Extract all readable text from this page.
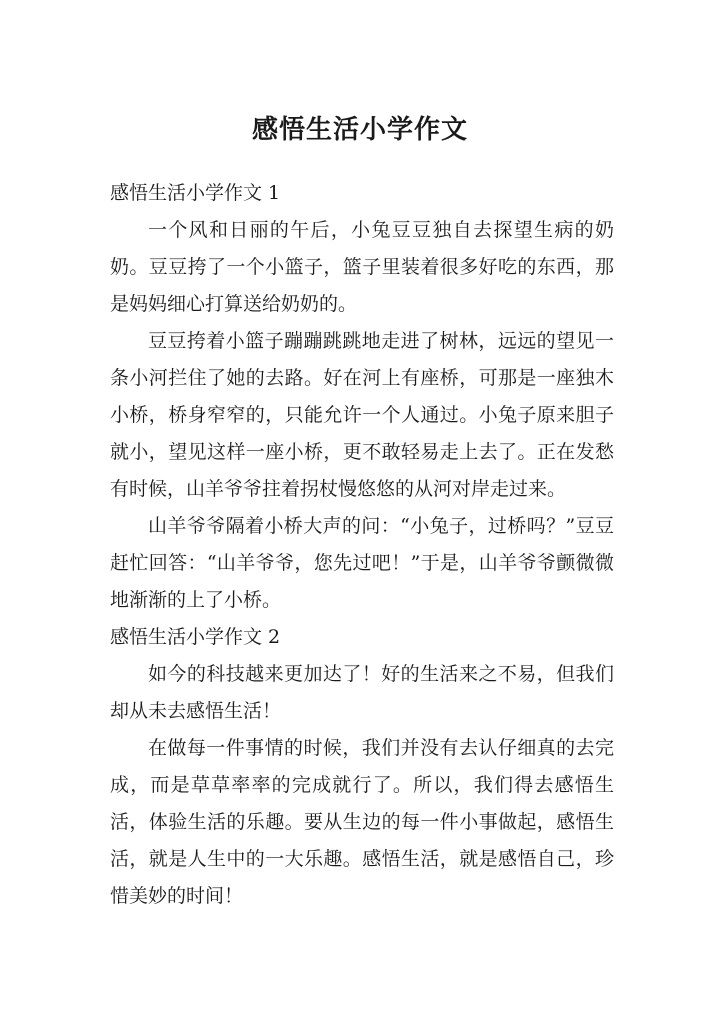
感悟生活小学作文
感悟生活小学作文 1

一个风和日丽的午后，小兔豆豆独自去探望生病的奶奶。豆豆挎了一个小篮子，篮子里装着很多好吃的东西，那是妈妈细心打算送给奶奶的。

豆豆挎着小篮子蹦蹦跳跳地走进了树林，远远的望见一条小河拦住了她的去路。好在河上有座桥，可那是一座独木小桥，桥身窄窄的，只能允许一个人通过。小兔子原来胆子就小，望见这样一座小桥，更不敢轻易走上去了。正在发愁有时候，山羊爷爷拄着拐杖慢悠悠的从河对岸走过来。

山羊爷爷隔着小桥大声的问：“小兔子，过桥吗？”豆豆赶忙回答：“山羊爷爷，您先过吧！”于是，山羊爷爷颤微微地渐渐的上了小桥。

感悟生活小学作文 2

如今的科技越来更加达了！好的生活来之不易，但我们却从未去感悟生活！

在做每一件事情的时候，我们并没有去认仔细真的去完成，而是草草率率的完成就行了。所以，我们得去感悟生活，体验生活的乐趣。要从生边的每一件小事做起，感悟生活，就是人生中的一大乐趣。感悟生活，就是感悟自己，珍惜美妙的时间！
